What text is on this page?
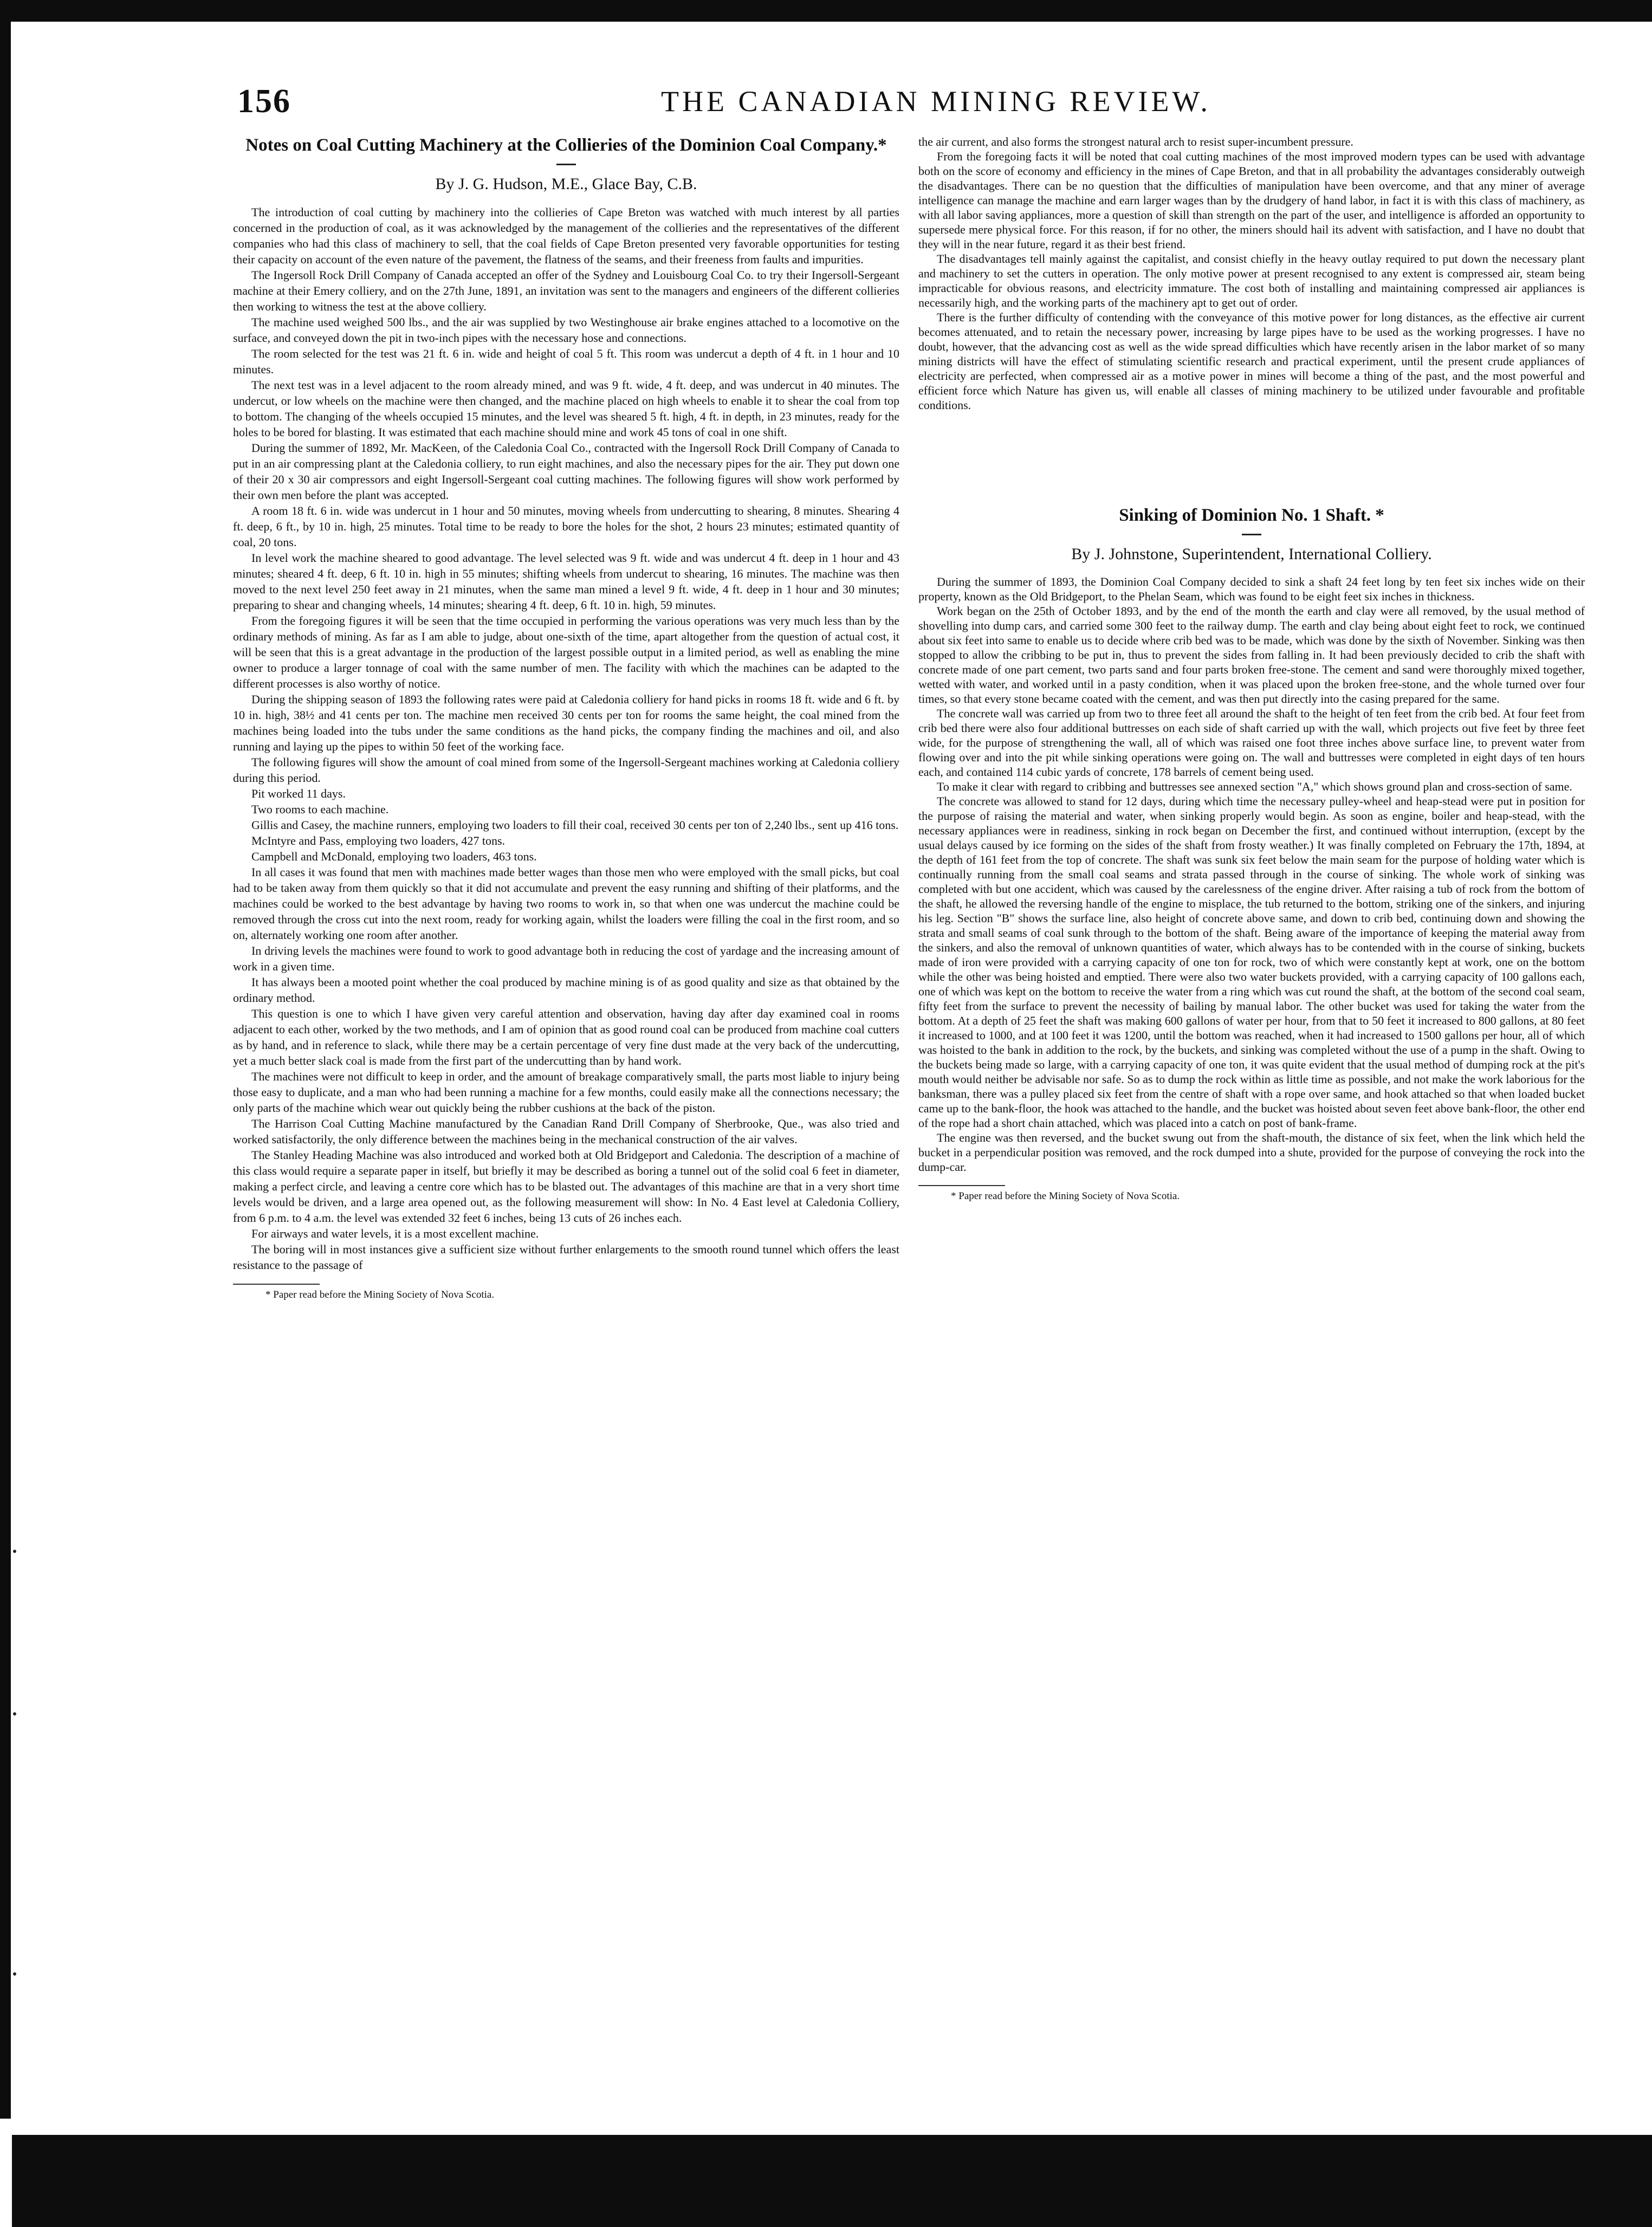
156	THE CANADIAN MINING REVIEW.
Notes on Coal Cutting Machinery at the Collieries of the Dominion Coal Company.*
By J. G. Hudson, M.E., Glace Bay, C.B.

The introduction of coal cutting by machinery into the collieries of Cape Breton was watched with much interest by all parties concerned in the production of coal, as it was acknowledged by the management of the collieries and the representatives of the different companies who had this class of machinery to sell, that the coal fields of Cape Breton presented very favorable opportunities for testing their capacity on account of the even nature of the pavement, the flatness of the seams, and their freeness from faults and impurities.

The Ingersoll Rock Drill Company of Canada accepted an offer of the Sydney and Louisbourg Coal Co. to try their Ingersoll-Sergeant machine at their Emery colliery, and on the 27th June, 1891, an invitation was sent to the managers and engineers of the different collieries then working to witness the test at the above colliery.

The machine used weighed 500 lbs., and the air was supplied by two Westinghouse air brake engines attached to a locomotive on the surface, and conveyed down the pit in two-inch pipes with the necessary hose and connections.

The room selected for the test was 21 ft. 6 in. wide and height of coal 5 ft. This room was undercut a depth of 4 ft. in 1 hour and 10 minutes.

The next test was in a level adjacent to the room already mined, and was 9 ft. wide, 4 ft. deep, and was undercut in 40 minutes. The undercut, or low wheels on the machine were then changed, and the machine placed on high wheels to enable it to shear the coal from top to bottom. The changing of the wheels occupied 15 minutes, and the level was sheared 5 ft. high, 4 ft. in depth, in 23 minutes, ready for the holes to be bored for blasting. It was estimated that each machine should mine and work 45 tons of coal in one shift.

During the summer of 1892, Mr. MacKeen, of the Caledonia Coal Co., contracted with the Ingersoll Rock Drill Company of Canada to put in an air compressing plant at the Caledonia colliery, to run eight machines, and also the necessary pipes for the air. They put down one of their 20 x 30 air compressors and eight Ingersoll-Sergeant coal cutting machines. The following figures will show work performed by their own men before the plant was accepted.

A room 18 ft. 6 in. wide was undercut in 1 hour and 50 minutes, moving wheels from undercutting to shearing, 8 minutes. Shearing 4 ft. deep, 6 ft., by 10 in. high, 25 minutes. Total time to be ready to bore the holes for the shot, 2 hours 23 minutes; estimated quantity of coal, 20 tons.

In level work the machine sheared to good advantage. The level selected was 9 ft. wide and was undercut 4 ft. deep in 1 hour and 43 minutes; sheared 4 ft. deep, 6 ft. 10 in. high in 55 minutes; shifting wheels from undercut to shearing, 16 minutes. The machine was then moved to the next level 250 feet away in 21 minutes, when the same man mined a level 9 ft. wide, 4 ft. deep in 1 hour and 30 minutes; preparing to shear and changing wheels, 14 minutes; shearing 4 ft. deep, 6 ft. 10 in. high, 59 minutes.

From the foregoing figures it will be seen that the time occupied in performing the various operations was very much less than by the ordinary methods of mining. As far as I am able to judge, about one-sixth of the time, apart altogether from the question of actual cost, it will be seen that this is a great advantage in the production of the largest possible output in a limited period, as well as enabling the mine owner to produce a larger tonnage of coal with the same number of men. The facility with which the machines can be adapted to the different processes is also worthy of notice.

During the shipping season of 1893 the following rates were paid at Caledonia colliery for hand picks in rooms 18 ft. wide and 6 ft. by 10 in. high, 38½ and 41 cents per ton. The machine men received 30 cents per ton for rooms the same height, the coal mined from the machines being loaded into the tubs under the same conditions as the hand picks, the company finding the machines and oil, and also running and laying up the pipes to within 50 feet of the working face.

The following figures will show the amount of coal mined from some of the Ingersoll-Sergeant machines working at Caledonia colliery during this period.

Pit worked 11 days.

Two rooms to each machine.

Gillis and Casey, the machine runners, employing two loaders to fill their coal, received 30 cents per ton of 2,240 lbs., sent up 416 tons.

McIntyre and Pass, employing two loaders, 427 tons.

Campbell and McDonald, employing two loaders, 463 tons.

In all cases it was found that men with machines made better wages than those men who were employed with the small picks, but coal had to be taken away from them quickly so that it did not accumulate and prevent the easy running and shifting of their platforms, and the machines could be worked to the best advantage by having two rooms to work in, so that when one was undercut the machine could be removed through the cross cut into the next room, ready for working again, whilst the loaders were filling the coal in the first room, and so on, alternately working one room after another.

In driving levels the machines were found to work to good advantage both in reducing the cost of yardage and the increasing amount of work in a given time.

It has always been a mooted point whether the coal produced by machine mining is of as good quality and size as that obtained by the ordinary method.

This question is one to which I have given very careful attention and observation, having day after day examined coal in rooms adjacent to each other, worked by the two methods, and I am of opinion that as good round coal can be produced from machine coal cutters as by hand, and in reference to slack, while there may be a certain percentage of very fine dust made at the very back of the undercutting, yet a much better slack coal is made from the first part of the undercutting than by hand work.

The machines were not difficult to keep in order, and the amount of breakage comparatively small, the parts most liable to injury being those easy to duplicate, and a man who had been running a machine for a few months, could easily make all the connections necessary; the only parts of the machine which wear out quickly being the rubber cushions at the back of the piston.

The Harrison Coal Cutting Machine manufactured by the Canadian Rand Drill Company of Sherbrooke, Que., was also tried and worked satisfactorily, the only difference between the machines being in the mechanical construction of the air valves.

The Stanley Heading Machine was also introduced and worked both at Old Bridgeport and Caledonia. The description of a machine of this class would require a separate paper in itself, but briefly it may be described as boring a tunnel out of the solid coal 6 feet in diameter, making a perfect circle, and leaving a centre core which has to be blasted out. The advantages of this machine are that in a very short time levels would be driven, and a large area opened out, as the following measurement will show: In No. 4 East level at Caledonia Colliery, from 6 p.m. to 4 a.m. the level was extended 32 feet 6 inches, being 13 cuts of 26 inches each.

For airways and water levels, it is a most excellent machine.

The boring will in most instances give a sufficient size without further enlargements to the smooth round tunnel which offers the least resistance to the passage of

* Paper read before the Mining Society of Nova Scotia.

the air current, and also forms the strongest natural arch to resist super-incumbent pressure.

From the foregoing facts it will be noted that coal cutting machines of the most improved modern types can be used with advantage both on the score of economy and efficiency in the mines of Cape Breton, and that in all probability the advantages considerably outweigh the disadvantages. There can be no question that the difficulties of manipulation have been overcome, and that any miner of average intelligence can manage the machine and earn larger wages than by the drudgery of hand labor, in fact it is with this class of machinery, as with all labor saving appliances, more a question of skill than strength on the part of the user, and intelligence is afforded an opportunity to supersede mere physical force. For this reason, if for no other, the miners should hail its advent with satisfaction, and I have no doubt that they will in the near future, regard it as their best friend.

The disadvantages tell mainly against the capitalist, and consist chiefly in the heavy outlay required to put down the necessary plant and machinery to set the cutters in operation. The only motive power at present recognised to any extent is compressed air, steam being impracticable for obvious reasons, and electricity immature. The cost both of installing and maintaining compressed air appliances is necessarily high, and the working parts of the machinery apt to get out of order.

There is the further difficulty of contending with the conveyance of this motive power for long distances, as the effective air current becomes attenuated, and to retain the necessary power, increasing by large pipes have to be used as the working progresses. I have no doubt, however, that the advancing cost as well as the wide spread difficulties which have recently arisen in the labor market of so many mining districts will have the effect of stimulating scientific research and practical experiment, until the present crude appliances of electricity are perfected, when compressed air as a motive power in mines will become a thing of the past, and the most powerful and efficient force which Nature has given us, will enable all classes of mining machinery to be utilized under favourable and profitable conditions.

Sinking of Dominion No. 1 Shaft. *
By J. Johnstone, Superintendent, International Colliery.

During the summer of 1893, the Dominion Coal Company decided to sink a shaft 24 feet long by ten feet six inches wide on their property, known as the Old Bridgeport, to the Phelan Seam, which was found to be eight feet six inches in thickness.

Work began on the 25th of October 1893, and by the end of the month the earth and clay were all removed, by the usual method of shovelling into dump cars, and carried some 300 feet to the railway dump. The earth and clay being about eight feet to rock, we continued about six feet into same to enable us to decide where crib bed was to be made, which was done by the sixth of November. Sinking was then stopped to allow the cribbing to be put in, thus to prevent the sides from falling in. It had been previously decided to crib the shaft with concrete made of one part cement, two parts sand and four parts broken free-stone. The cement and sand were thoroughly mixed together, wetted with water, and worked until in a pasty condition, when it was placed upon the broken free-stone, and the whole turned over four times, so that every stone became coated with the cement, and was then put directly into the casing prepared for the same.

The concrete wall was carried up from two to three feet all around the shaft to the height of ten feet from the crib bed. At four feet from crib bed there were also four additional buttresses on each side of shaft carried up with the wall, which projects out five feet by three feet wide, for the purpose of strengthening the wall, all of which was raised one foot three inches above surface line, to prevent water from flowing over and into the pit while sinking operations were going on. The wall and buttresses were completed in eight days of ten hours each, and contained 114 cubic yards of concrete, 178 barrels of cement being used.

To make it clear with regard to cribbing and buttresses see annexed section "A," which shows ground plan and cross-section of same.

The concrete was allowed to stand for 12 days, during which time the necessary pulley-wheel and heap-stead were put in position for the purpose of raising the material and water, when sinking properly would begin. As soon as engine, boiler and heap-stead, with the necessary appliances were in readiness, sinking in rock began on December the first, and continued without interruption, (except by the usual delays caused by ice forming on the sides of the shaft from frosty weather.) It was finally completed on February the 17th, 1894, at the depth of 161 feet from the top of concrete. The shaft was sunk six feet below the main seam for the purpose of holding water which is continually running from the small coal seams and strata passed through in the course of sinking. The whole work of sinking was completed with but one accident, which was caused by the carelessness of the engine driver. After raising a tub of rock from the bottom of the shaft, he allowed the reversing handle of the engine to misplace, the tub returned to the bottom, striking one of the sinkers, and injuring his leg. Section "B" shows the surface line, also height of concrete above same, and down to crib bed, continuing down and showing the strata and small seams of coal sunk through to the bottom of the shaft. Being aware of the importance of keeping the material away from the sinkers, and also the removal of unknown quantities of water, which always has to be contended with in the course of sinking, buckets made of iron were provided with a carrying capacity of one ton for rock, two of which were constantly kept at work, one on the bottom while the other was being hoisted and emptied. There were also two water buckets provided, with a carrying capacity of 100 gallons each, one of which was kept on the bottom to receive the water from a ring which was cut round the shaft, at the bottom of the second coal seam, fifty feet from the surface to prevent the necessity of bailing by manual labor. The other bucket was used for taking the water from the bottom. At a depth of 25 feet the shaft was making 600 gallons of water per hour, from that to 50 feet it increased to 800 gallons, at 80 feet it increased to 1000, and at 100 feet it was 1200, until the bottom was reached, when it had increased to 1500 gallons per hour, all of which was hoisted to the bank in addition to the rock, by the buckets, and sinking was completed without the use of a pump in the shaft. Owing to the buckets being made so large, with a carrying capacity of one ton, it was quite evident that the usual method of dumping rock at the pit's mouth would neither be advisable nor safe. So as to dump the rock within as little time as possible, and not make the work laborious for the banksman, there was a pulley placed six feet from the centre of shaft with a rope over same, and hook attached so that when loaded bucket came up to the bank-floor, the hook was attached to the handle, and the bucket was hoisted about seven feet above bank-floor, the other end of the rope had a short chain attached, which was placed into a catch on post of bank-frame.

The engine was then reversed, and the bucket swung out from the shaft-mouth, the distance of six feet, when the link which held the bucket in a perpendicular position was removed, and the rock dumped into a shute, provided for the purpose of conveying the rock into the dump-car.

* Paper read before the Mining Society of Nova Scotia.
